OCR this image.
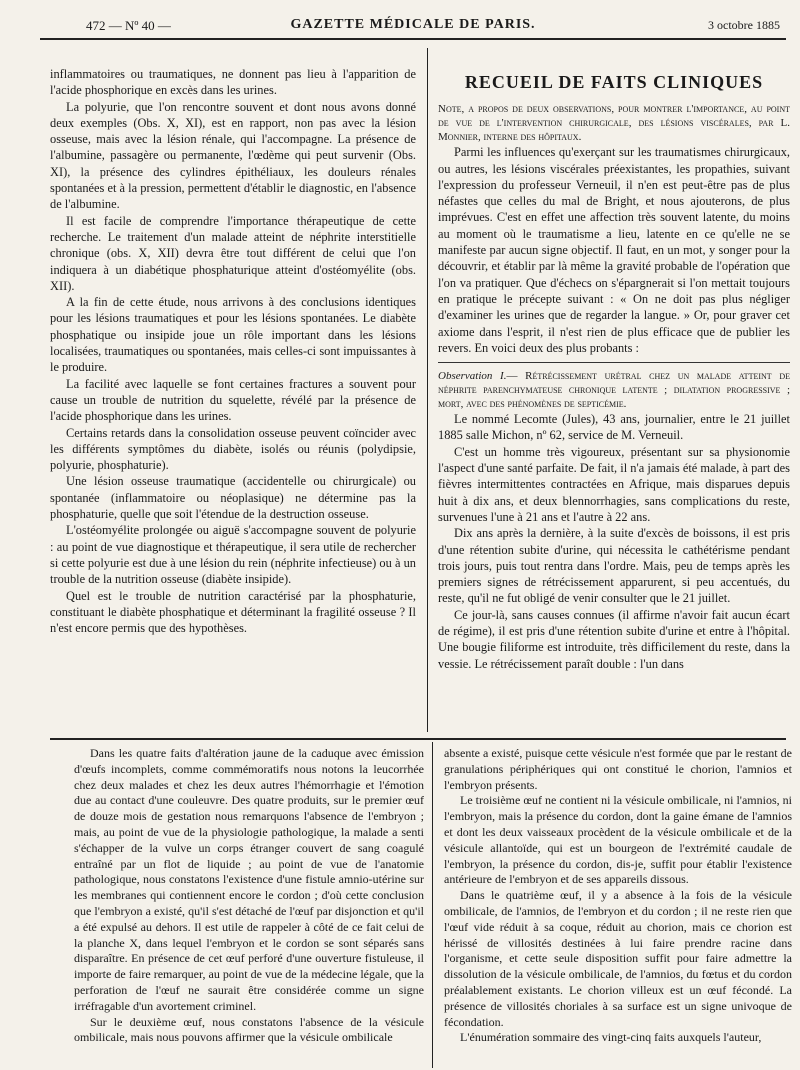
472 — Nº 40 —	GAZETTE MÉDICALE DE PARIS.	3 octobre 1885

inflammatoires ou traumatiques, ne donnent pas lieu à l'apparition de l'acide phosphorique en excès dans les urines.

La polyurie, que l'on rencontre souvent et dont nous avons donné deux exemples (Obs. X, XI), est en rapport, non pas avec la lésion osseuse, mais avec la lésion rénale, qui l'accompagne. La présence de l'albumine, passagère ou permanente, l'œdème qui peut survenir (Obs. XI), la présence des cylindres épithéliaux, les douleurs rénales spontanées et à la pression, permettent d'établir le diagnostic, en l'absence de l'albumine.

Il est facile de comprendre l'importance thérapeutique de cette recherche. Le traitement d'un malade atteint de néphrite interstitielle chronique (obs. X, XII) devra être tout différent de celui que l'on indiquera à un diabétique phosphaturique atteint d'ostéomyélite (obs. XII).

A la fin de cette étude, nous arrivons à des conclusions identiques pour les lésions traumatiques et pour les lésions spontanées. Le diabète phosphatique ou insipide joue un rôle important dans les lésions localisées, traumatiques ou spontanées, mais celles-ci sont impuissantes à le produire.

La facilité avec laquelle se font certaines fractures a souvent pour cause un trouble de nutrition du squelette, révélé par la présence de l'acide phosphorique dans les urines.

Certains retards dans la consolidation osseuse peuvent coïncider avec les différents symptômes du diabète, isolés ou réunis (polydipsie, polyurie, phosphaturie).

Une lésion osseuse traumatique (accidentelle ou chirurgicale) ou spontanée (inflammatoire ou néoplasique) ne détermine pas la phosphaturie, quelle que soit l'étendue de la destruction osseuse.

L'ostéomyélite prolongée ou aiguë s'accompagne souvent de polyurie : au point de vue diagnostique et thérapeutique, il sera utile de rechercher si cette polyurie est due à une lésion du rein (néphrite infectieuse) ou à un trouble de la nutrition osseuse (diabète insipide).

Quel est le trouble de nutrition caractérisé par la phosphaturie, constituant le diabète phosphatique et déterminant la fragilité osseuse ? Il n'est encore permis que des hypothèses.

RECUEIL DE FAITS CLINIQUES

Note, a propos de deux observations, pour montrer l'importance, au point de vue de l'intervention chirurgicale, des lésions viscérales, par L. Monnier, interne des hôpitaux.

Parmi les influences qu'exerçant sur les traumatismes chirurgicaux, ou autres, les lésions viscérales préexistantes, les propathies, suivant l'expression du professeur Verneuil, il n'en est peut-être pas de plus néfastes que celles du mal de Bright, et nous ajouterons, de plus imprévues. C'est en effet une affection très souvent latente, du moins au moment où le traumatisme a lieu, latente en ce qu'elle ne se manifeste par aucun signe objectif. Il faut, en un mot, y songer pour la découvrir, et établir par là même la gravité probable de l'opération que l'on va pratiquer. Que d'échecs on s'épargnerait si l'on mettait toujours en pratique le précepte suivant : « On ne doit pas plus négliger d'examiner les urines que de regarder la langue. » Or, pour graver cet axiome dans l'esprit, il n'est rien de plus efficace que de publier les revers. En voici deux des plus probants :

Observation I.— Rétrécissement urétral chez un malade atteint de néphrite parenchymateuse chronique latente ; dilatation progressive ; mort, avec des phénomènes de septicémie.

Le nommé Lecomte (Jules), 43 ans, journalier, entre le 21 juillet 1885 salle Michon, nº 62, service de M. Verneuil.

C'est un homme très vigoureux, présentant sur sa physionomie l'aspect d'une santé parfaite. De fait, il n'a jamais été malade, à part des fièvres intermittentes contractées en Afrique, mais disparues depuis huit à dix ans, et deux blennorrhagies, sans complications du reste, survenues l'une à 21 ans et l'autre à 22 ans.

Dix ans après la dernière, à la suite d'excès de boissons, il est pris d'une rétention subite d'urine, qui nécessita le cathétérisme pendant trois jours, puis tout rentra dans l'ordre. Mais, peu de temps après les premiers signes de rétrécissement apparurent, si peu accentués, du reste, qu'il ne fut obligé de venir consulter que le 21 juillet.

Ce jour-là, sans causes connues (il affirme n'avoir fait aucun écart de régime), il est pris d'une rétention subite d'urine et entre à l'hôpital. Une bougie filiforme est introduite, très difficilement du reste, dans la vessie. Le rétrécissement paraît double : l'un dans

Dans les quatre faits d'altération jaune de la caduque avec émission d'œufs incomplets, comme commémoratifs nous notons la leucorrhée chez deux malades et chez les deux autres l'hémorrhagie et l'émotion due au contact d'une couleuvre. Des quatre produits, sur le premier œuf de douze mois de gestation nous remarquons l'absence de l'embryon ; mais, au point de vue de la physiologie pathologique, la malade a senti s'échapper de la vulve un corps étranger couvert de sang coagulé entraîné par un flot de liquide ; au point de vue de l'anatomie pathologique, nous constatons l'existence d'une fistule amnio-utérine sur les membranes qui contiennent encore le cordon ; d'où cette conclusion que l'embryon a existé, qu'il s'est détaché de l'œuf par disjonction et qu'il a été expulsé au dehors. Il est utile de rappeler à côté de ce fait celui de la planche X, dans lequel l'embryon et le cordon se sont séparés sans disparaître. En présence de cet œuf perforé d'une ouverture fistuleuse, il importe de faire remarquer, au point de vue de la médecine légale, que la perforation de l'œuf ne saurait être considérée comme un signe irréfragable d'un avortement criminel.

Sur le deuxième œuf, nous constatons l'absence de la vésicule ombilicale, mais nous pouvons affirmer que la vésicule ombilicale

absente a existé, puisque cette vésicule n'est formée que par le restant de granulations périphériques qui ont constitué le chorion, l'amnios et l'embryon présents.

Le troisième œuf ne contient ni la vésicule ombilicale, ni l'amnios, ni l'embryon, mais la présence du cordon, dont la gaine émane de l'amnios et dont les deux vaisseaux procèdent de la vésicule ombilicale et de la vésicule allantoïde, qui est un bourgeon de l'extrémité caudale de l'embryon, la présence du cordon, dis-je, suffit pour établir l'existence antérieure de l'embryon et de ses appareils dissous.

Dans le quatrième œuf, il y a absence à la fois de la vésicule ombilicale, de l'amnios, de l'embryon et du cordon ; il ne reste rien que l'œuf vide réduit à sa coque, réduit au chorion, mais ce chorion est hérissé de villosités destinées à lui faire prendre racine dans l'organisme, et cette seule disposition suffit pour faire admettre la dissolution de la vésicule ombilicale, de l'amnios, du fœtus et du cordon préalablement existants. Le chorion villeux est un œuf fécondé. La présence de villosités choriales à sa surface est un signe univoque de fécondation.

L'énumération sommaire des vingt-cinq faits auxquels l'auteur,
